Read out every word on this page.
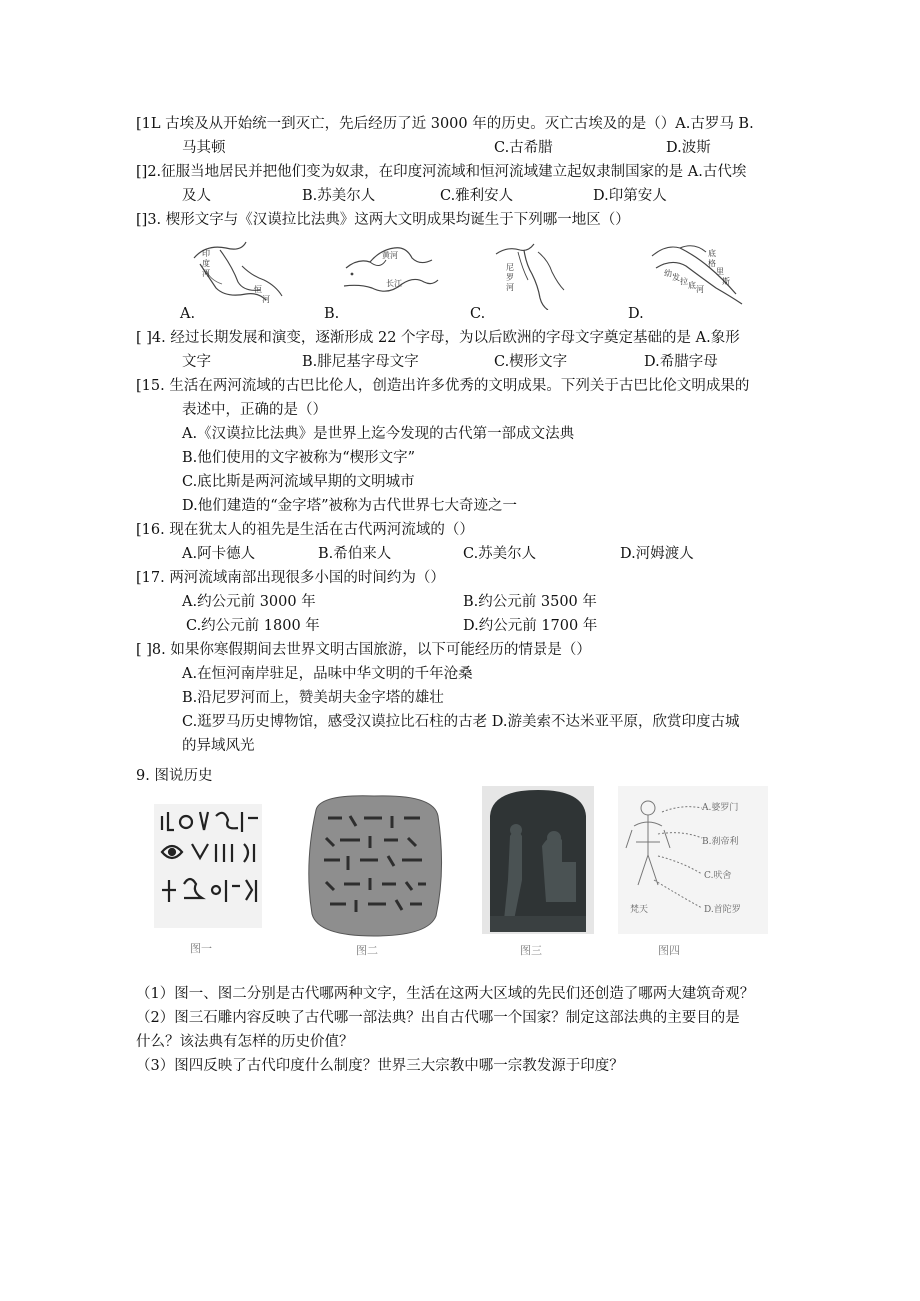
[1L 古埃及从开始统一到灭亡，先后经历了近 3000 年的历史。灭亡古埃及的是（）A.古罗马 B.
马其顿	C.古希腊	D.波斯
[]2.征服当地居民并把他们变为奴隶，在印度河流域和恒河流域建立起奴隶制国家的是 A.古代埃
及人	B.苏美尔人	C.雅利安人	D.印第安人
[]3. 楔形文字与《汉谟拉比法典》这两大文明成果均诞生于下列哪一地区（）
印
度
河
恒
河
A.
黄 河
长 江
B.
尼
罗
河
C.
幼 发 拉 底 河
底
格
里
斯
D.
[ ]4. 经过长期发展和演变，逐渐形成 22 个字母，为以后欧洲的字母文字奠定基础的是 A.象形
文字	B.腓尼基字母文字	C.楔形文字	D.希腊字母
[15. 生活在两河流域的古巴比伦人，创造出许多优秀的文明成果。下列关于古巴比伦文明成果的
表述中，正确的是（）
A.《汉谟拉比法典》是世界上迄今发现的古代第一部成文法典
B.他们使用的文字被称为“楔形文字”
C.底比斯是两河流域早期的文明城市
D.他们建造的“金字塔”被称为古代世界七大奇迹之一
[16. 现在犹太人的祖先是生活在古代两河流域的（）
A.阿卡德人	B.希伯来人	C.苏美尔人	D.河姆渡人
[17. 两河流域南部出现很多小国的时间约为（）
A.约公元前 3000 年	B.约公元前 3500 年
C.约公元前 1800 年	D.约公元前 1700 年
[ ]8. 如果你寒假期间去世界文明古国旅游，以下可能经历的情景是（）
A.在恒河南岸驻足，品味中华文明的千年沧桑
B.沿尼罗河而上，赞美胡夫金字塔的雄壮
C.逛罗马历史博物馆，感受汉谟拉比石柱的古老 D.游美索不达米亚平原，欣赏印度古城
的异域风光
9. 图说历史
图一	图二	图三
A.婆罗门
B.刹帝利
C.吠舍
D.首陀罗
梵天
图四
（1）图一、图二分别是古代哪两种文字，生活在这两大区域的先民们还创造了哪两大建筑奇观？
（2）图三石雕内容反映了古代哪一部法典？出自古代哪一个国家？制定这部法典的主要目的是
什么？该法典有怎样的历史价值？
（3）图四反映了古代印度什么制度？世界三大宗教中哪一宗教发源于印度？
